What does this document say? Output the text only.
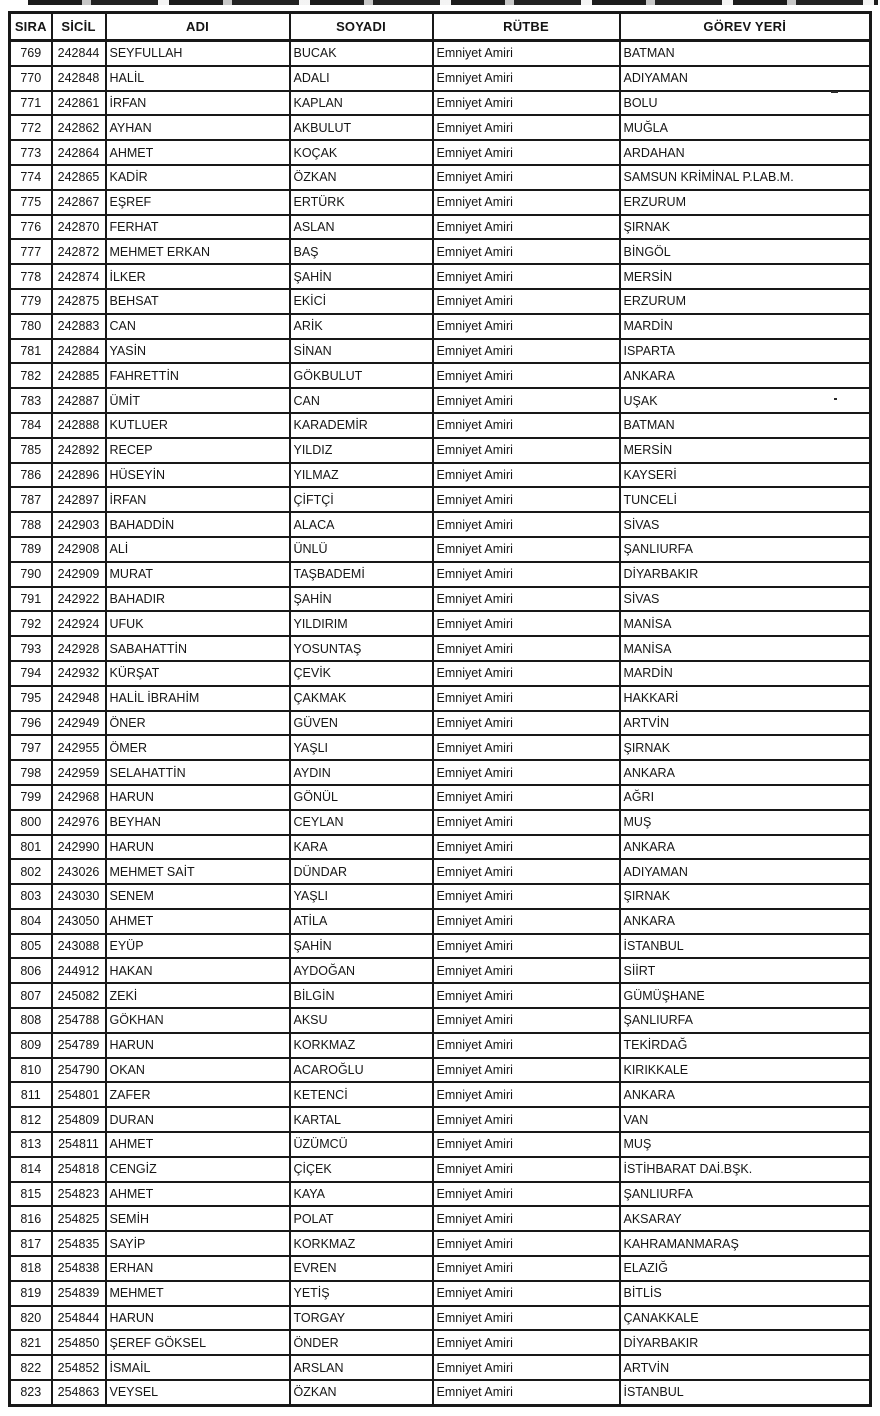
SIRA	SİCİL	ADI	SOYADI	RÜTBE	GÖREV YERİ
769	242844	SEYFULLAH	BUCAK	Emniyet Amiri	BATMAN
770	242848	HALİL	ADALI	Emniyet Amiri	ADIYAMAN
771	242861	İRFAN	KAPLAN	Emniyet Amiri	BOLU
772	242862	AYHAN	AKBULUT	Emniyet Amiri	MUĞLA
773	242864	AHMET	KOÇAK	Emniyet Amiri	ARDAHAN
774	242865	KADİR	ÖZKAN	Emniyet Amiri	SAMSUN KRİMİNAL P.LAB.M.
775	242867	EŞREF	ERTÜRK	Emniyet Amiri	ERZURUM
776	242870	FERHAT	ASLAN	Emniyet Amiri	ŞIRNAK
777	242872	MEHMET ERKAN	BAŞ	Emniyet Amiri	BİNGÖL
778	242874	İLKER	ŞAHİN	Emniyet Amiri	MERSİN
779	242875	BEHSAT	EKİCİ	Emniyet Amiri	ERZURUM
780	242883	CAN	ARİK	Emniyet Amiri	MARDİN
781	242884	YASİN	SİNAN	Emniyet Amiri	ISPARTA
782	242885	FAHRETTİN	GÖKBULUT	Emniyet Amiri	ANKARA
783	242887	ÜMİT	CAN	Emniyet Amiri	UŞAK
784	242888	KUTLUER	KARADEMİR	Emniyet Amiri	BATMAN
785	242892	RECEP	YILDIZ	Emniyet Amiri	MERSİN
786	242896	HÜSEYİN	YILMAZ	Emniyet Amiri	KAYSERİ
787	242897	İRFAN	ÇİFTÇİ	Emniyet Amiri	TUNCELİ
788	242903	BAHADDİN	ALACA	Emniyet Amiri	SİVAS
789	242908	ALİ	ÜNLÜ	Emniyet Amiri	ŞANLIURFA
790	242909	MURAT	TAŞBADEMİ	Emniyet Amiri	DİYARBAKIR
791	242922	BAHADIR	ŞAHİN	Emniyet Amiri	SİVAS
792	242924	UFUK	YILDIRIM	Emniyet Amiri	MANİSA
793	242928	SABAHATTİN	YOSUNTAŞ	Emniyet Amiri	MANİSA
794	242932	KÜRŞAT	ÇEVİK	Emniyet Amiri	MARDİN
795	242948	HALİL İBRAHİM	ÇAKMAK	Emniyet Amiri	HAKKARİ
796	242949	ÖNER	GÜVEN	Emniyet Amiri	ARTVİN
797	242955	ÖMER	YAŞLI	Emniyet Amiri	ŞIRNAK
798	242959	SELAHATTİN	AYDIN	Emniyet Amiri	ANKARA
799	242968	HARUN	GÖNÜL	Emniyet Amiri	AĞRI
800	242976	BEYHAN	CEYLAN	Emniyet Amiri	MUŞ
801	242990	HARUN	KARA	Emniyet Amiri	ANKARA
802	243026	MEHMET SAİT	DÜNDAR	Emniyet Amiri	ADIYAMAN
803	243030	SENEM	YAŞLI	Emniyet Amiri	ŞIRNAK
804	243050	AHMET	ATİLA	Emniyet Amiri	ANKARA
805	243088	EYÜP	ŞAHİN	Emniyet Amiri	İSTANBUL
806	244912	HAKAN	AYDOĞAN	Emniyet Amiri	SİİRT
807	245082	ZEKİ	BİLGİN	Emniyet Amiri	GÜMÜŞHANE
808	254788	GÖKHAN	AKSU	Emniyet Amiri	ŞANLIURFA
809	254789	HARUN	KORKMAZ	Emniyet Amiri	TEKİRDAĞ
810	254790	OKAN	ACAROĞLU	Emniyet Amiri	KIRIKKALE
811	254801	ZAFER	KETENCİ	Emniyet Amiri	ANKARA
812	254809	DURAN	KARTAL	Emniyet Amiri	VAN
813	254811	AHMET	ÜZÜMCÜ	Emniyet Amiri	MUŞ
814	254818	CENGİZ	ÇİÇEK	Emniyet Amiri	İSTİHBARAT DAİ.BŞK.
815	254823	AHMET	KAYA	Emniyet Amiri	ŞANLIURFA
816	254825	SEMİH	POLAT	Emniyet Amiri	AKSARAY
817	254835	SAYİP	KORKMAZ	Emniyet Amiri	KAHRAMANMARAŞ
818	254838	ERHAN	EVREN	Emniyet Amiri	ELAZIĞ
819	254839	MEHMET	YETİŞ	Emniyet Amiri	BİTLİS
820	254844	HARUN	TORGAY	Emniyet Amiri	ÇANAKKALE
821	254850	ŞEREF GÖKSEL	ÖNDER	Emniyet Amiri	DİYARBAKIR
822	254852	İSMAİL	ARSLAN	Emniyet Amiri	ARTVİN
823	254863	VEYSEL	ÖZKAN	Emniyet Amiri	İSTANBUL
